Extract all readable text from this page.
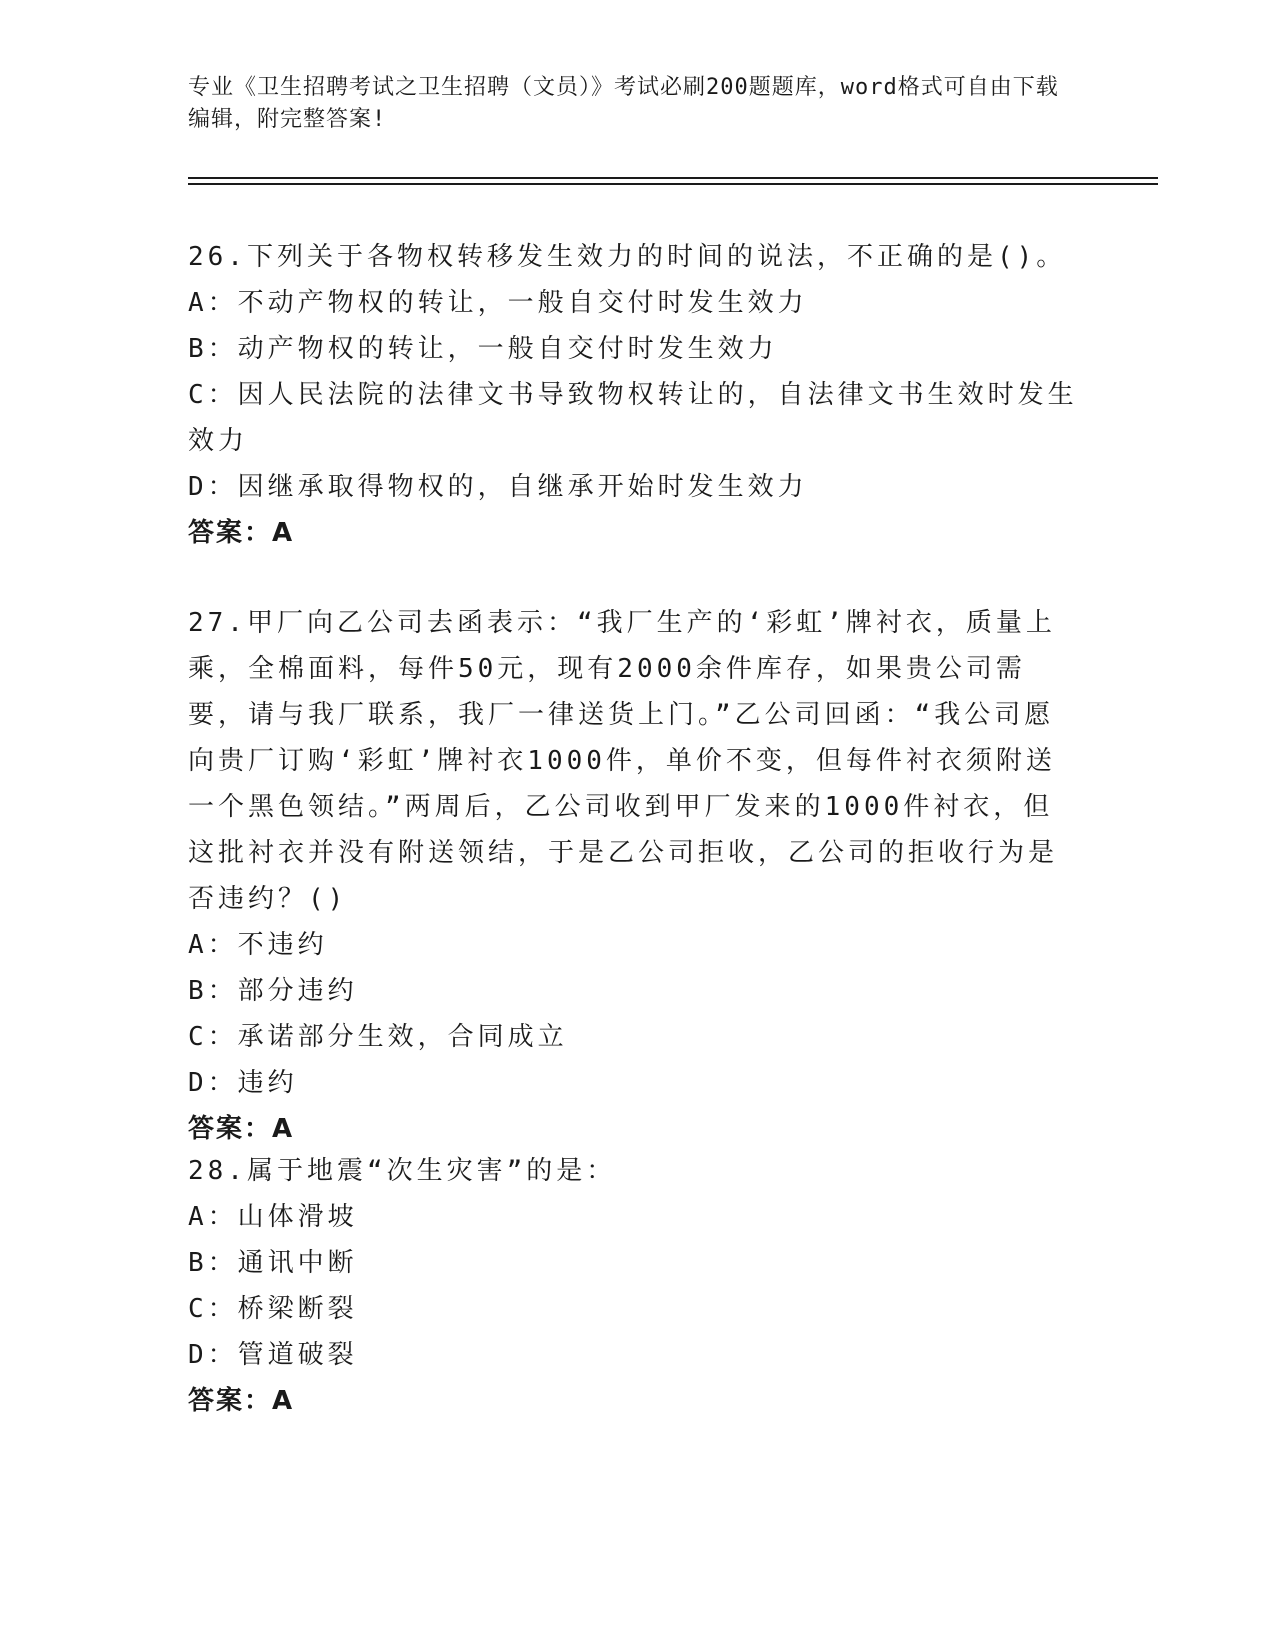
专业《卫生招聘考试之卫生招聘（文员）》考试必刷200题题库，word格式可自由下载编辑，附完整答案!

26.下列关于各物权转移发生效力的时间的说法，不正确的是()。

A：不动产物权的转让，一般自交付时发生效力

B：动产物权的转让，一般自交付时发生效力

C：因人民法院的法律文书导致物权转让的，自法律文书生效时发生效力

D：因继承取得物权的，自继承开始时发生效力

答案：A

27.甲厂向乙公司去函表示：“我厂生产的‘彩虹’牌衬衣，质量上乘，全棉面料，每件50元，现有2000余件库存，如果贵公司需要，请与我厂联系，我厂一律送货上门。”乙公司回函：“我公司愿向贵厂订购‘彩虹’牌衬衣1000件，单价不变，但每件衬衣须附送一个黑色领结。”两周后，乙公司收到甲厂发来的1000件衬衣，但这批衬衣并没有附送领结，于是乙公司拒收，乙公司的拒收行为是否违约？()

A：不违约

B：部分违约

C：承诺部分生效，合同成立

D：违约

答案：A

28.属于地震“次生灾害”的是：

A：山体滑坡

B：通讯中断

C：桥梁断裂

D：管道破裂

答案：A
